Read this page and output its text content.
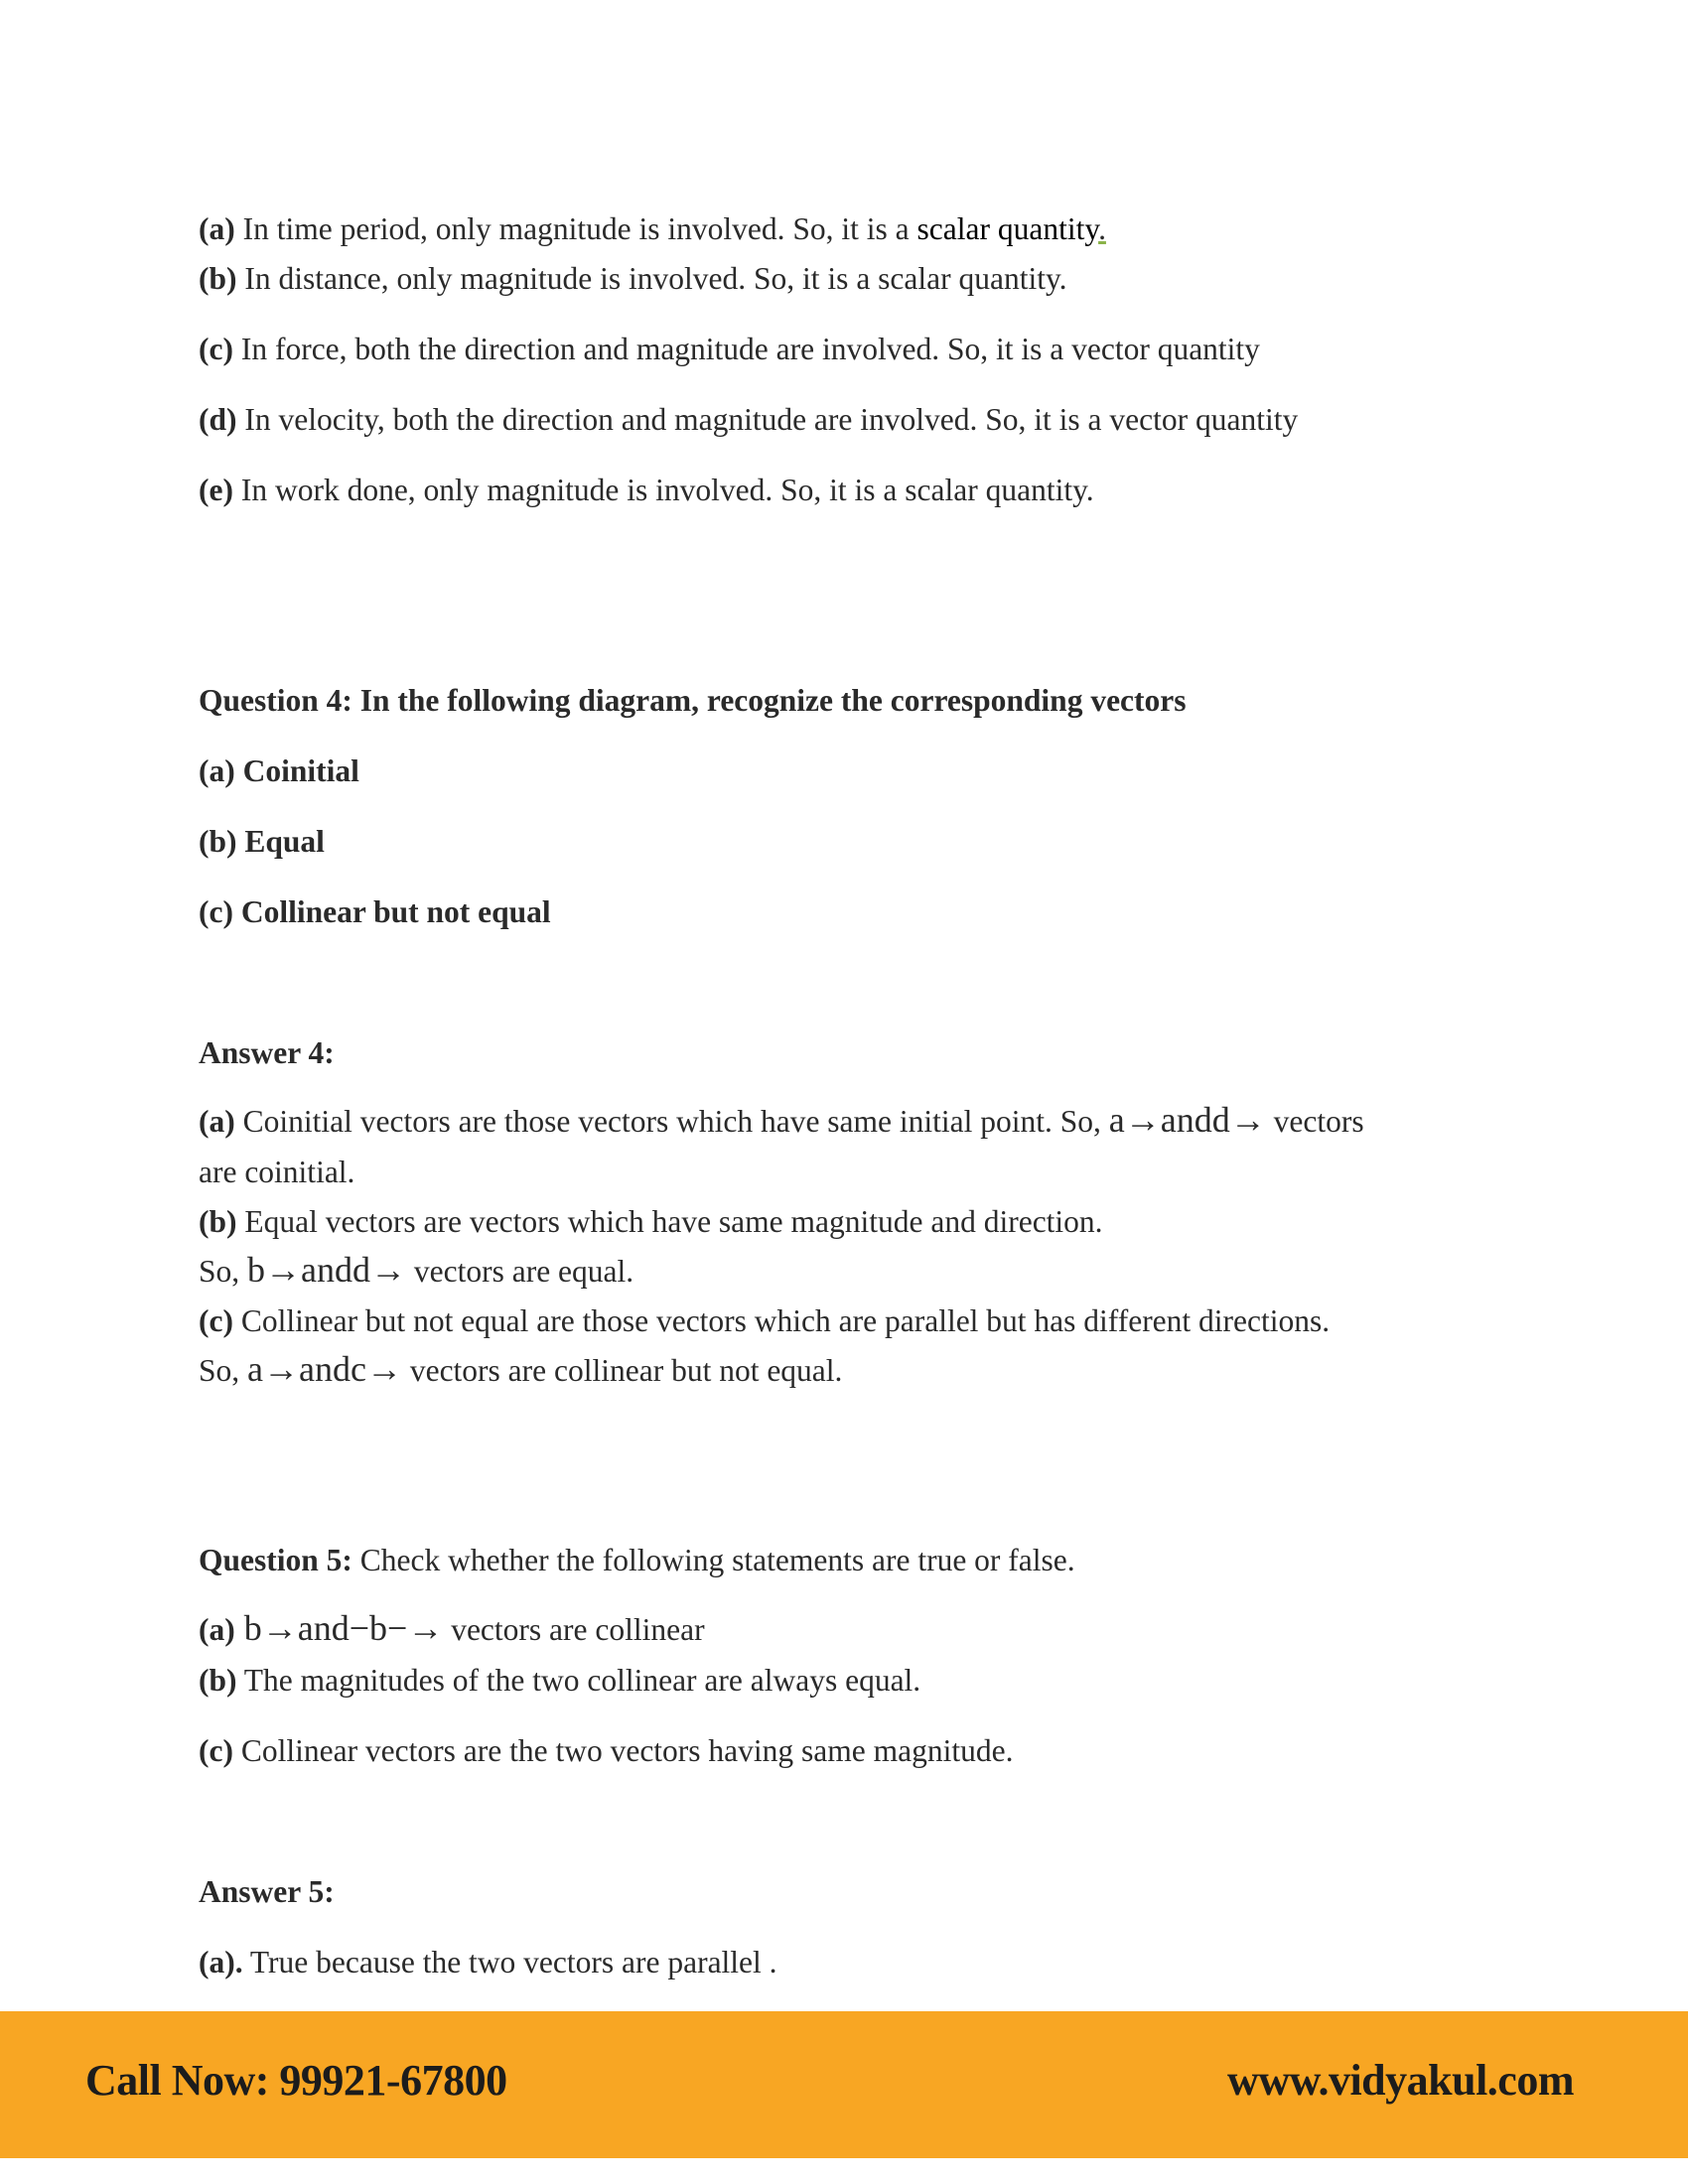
(a) In time period, only magnitude is involved. So, it is a scalar quantity.
(b) In distance, only magnitude is involved. So, it is a scalar quantity.
(c) In force, both the direction and magnitude are involved. So, it is a vector quantity
(d) In velocity, both the direction and magnitude are involved. So, it is a vector quantity
(e) In work done, only magnitude is involved. So, it is a scalar quantity.
Question 4: In the following diagram, recognize the corresponding vectors
(a) Coinitial
(b) Equal
(c) Collinear but not equal
Answer 4:
(a) Coinitial vectors are those vectors which have same initial point. So, a→andd→ vectors
are coinitial.
(b) Equal vectors are vectors which have same magnitude and direction.
So, b→andd→ vectors are equal.
(c) Collinear but not equal are those vectors which are parallel but has different directions.
So, a→andc→ vectors are collinear but not equal.
Question 5: Check whether the following statements are true or false.
(a) b→and−b−→ vectors are collinear
(b) The magnitudes of the two collinear are always equal.
(c) Collinear vectors are the two vectors having same magnitude.
Answer 5:
(a). True because the two vectors are parallel .
Call Now: 99921-67800	www.vidyakul.com
